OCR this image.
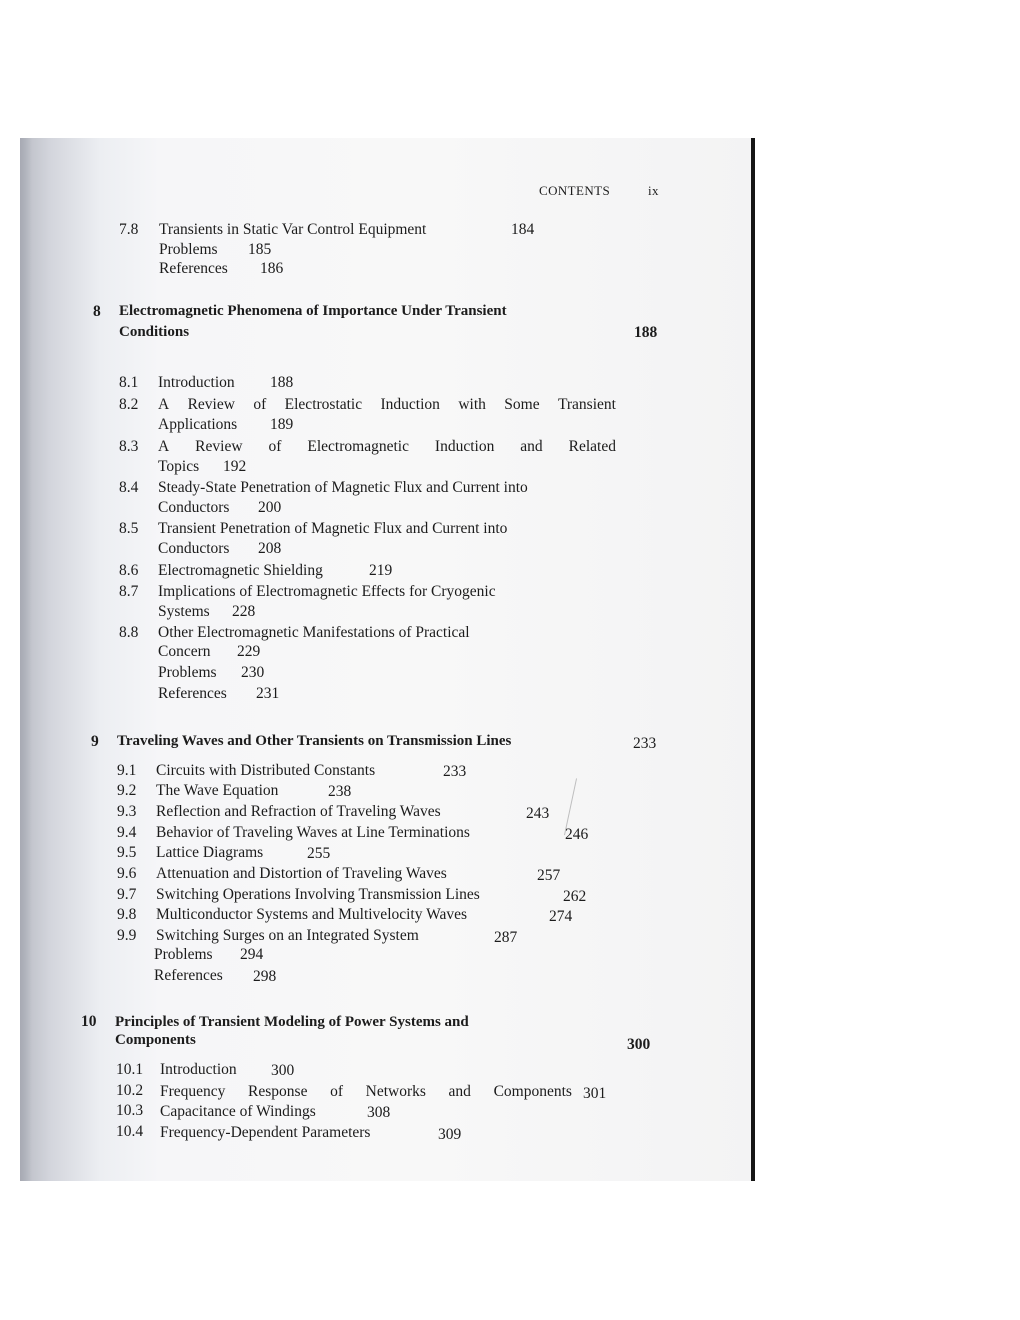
CONTENTS	ix
7.8 Transients in Static Var Control Equipment	184
Problems 185
References 186
8 Electromagnetic Phenomena of Importance Under Transient
Conditions	188
8.1 Introduction 188
8.2 A Review of Electrostatic Induction with Some Transient
Applications 189
8.3 A Review of Electromagnetic Induction and Related
Topics 192
8.4 Steady-State Penetration of Magnetic Flux and Current into
Conductors 200
8.5 Transient Penetration of Magnetic Flux and Current into
Conductors 208
8.6 Electromagnetic Shielding	219
8.7 Implications of Electromagnetic Effects for Cryogenic
Systems 228
8.8 Other Electromagnetic Manifestations of Practical
Concern 229
Problems 230
References 231
9 Traveling Waves and Other Transients on Transmission Lines	233
9.1 Circuits with Distributed Constants	233
9.2 The Wave Equation	238
9.3 Reflection and Refraction of Traveling Waves	243
9.4 Behavior of Traveling Waves at Line Terminations	246
9.5 Lattice Diagrams	255
9.6 Attenuation and Distortion of Traveling Waves	257
9.7 Switching Operations Involving Transmission Lines	262
9.8 Multiconductor Systems and Multivelocity Waves	274
9.9 Switching Surges on an Integrated System	287
Problems 294
References 298
10 Principles of Transient Modeling of Power Systems and
Components	300
10.1 Introduction 300
10.2 Frequency Response of Networks and Components 301
10.3 Capacitance of Windings	308
10.4 Frequency-Dependent Parameters	309
